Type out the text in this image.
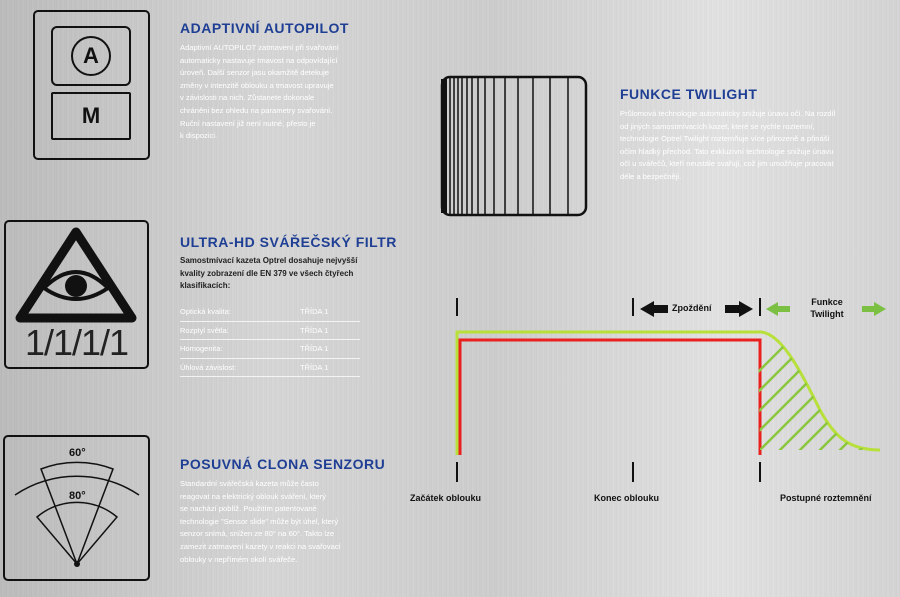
A
M
ADAPTIVNÍ AUTOPILOT
Adaptivní AUTOPILOT zatmavení při svařování
automaticky nastavuje tmavost na odpovídající
úroveň. Další senzor jasu okamžitě detekuje
změny v intenzitě oblouku a tmavost upravuje
v závislosti na nich. Zůstanete dokonale
chráněni bez ohledu na parametry svařování.
Ruční nastavení již není nutné, přesto je
k dispozici.
FUNKCE TWILIGHT
Průlomová technologie automaticky snižuje únavu očí. Na rozdíl
od jiných samostmívacích kazet, které se rychle roztemní,
technologie Optrel Twilight roztemňuje více přirozeně a přináší
očím hladký přechod. Tato exkluzivní technologie snižuje únavu
očí u svářečů, kteří neustále svařují, což jim umožňuje pracovat
déle a bezpečněji.
1/1/1/1
ULTRA-HD SVÁŘEČSKÝ FILTR
Samostmívací kazeta Optrel dosahuje nejvyšší
kvality zobrazení dle EN 379 ve všech čtyřech
klasifikacích:
Optická kvalita:	TŘÍDA 1
Rozptyl světla:	TŘÍDA 1
Homogenita:	TŘÍDA 1
Úhlová závislost:	TŘÍDA 1
60°
80°
POSUVNÁ CLONA SENZORU
Standardní svářečská kazeta může často
reagovat na elektrický oblouk sváření, který
se nachází poblíž. Použitím patentované
technologie "Sensor slide" může být úhel, který
senzor snímá, snížen ze 80° na 60°. Takto lze
zamezit zatmavení kazety v reakci na svařovací
oblouky v nepřímém okolí svářeče.
Zpoždění
Funkce
Twilight
Začátek oblouku	Konec oblouku	Postupné roztemnění
